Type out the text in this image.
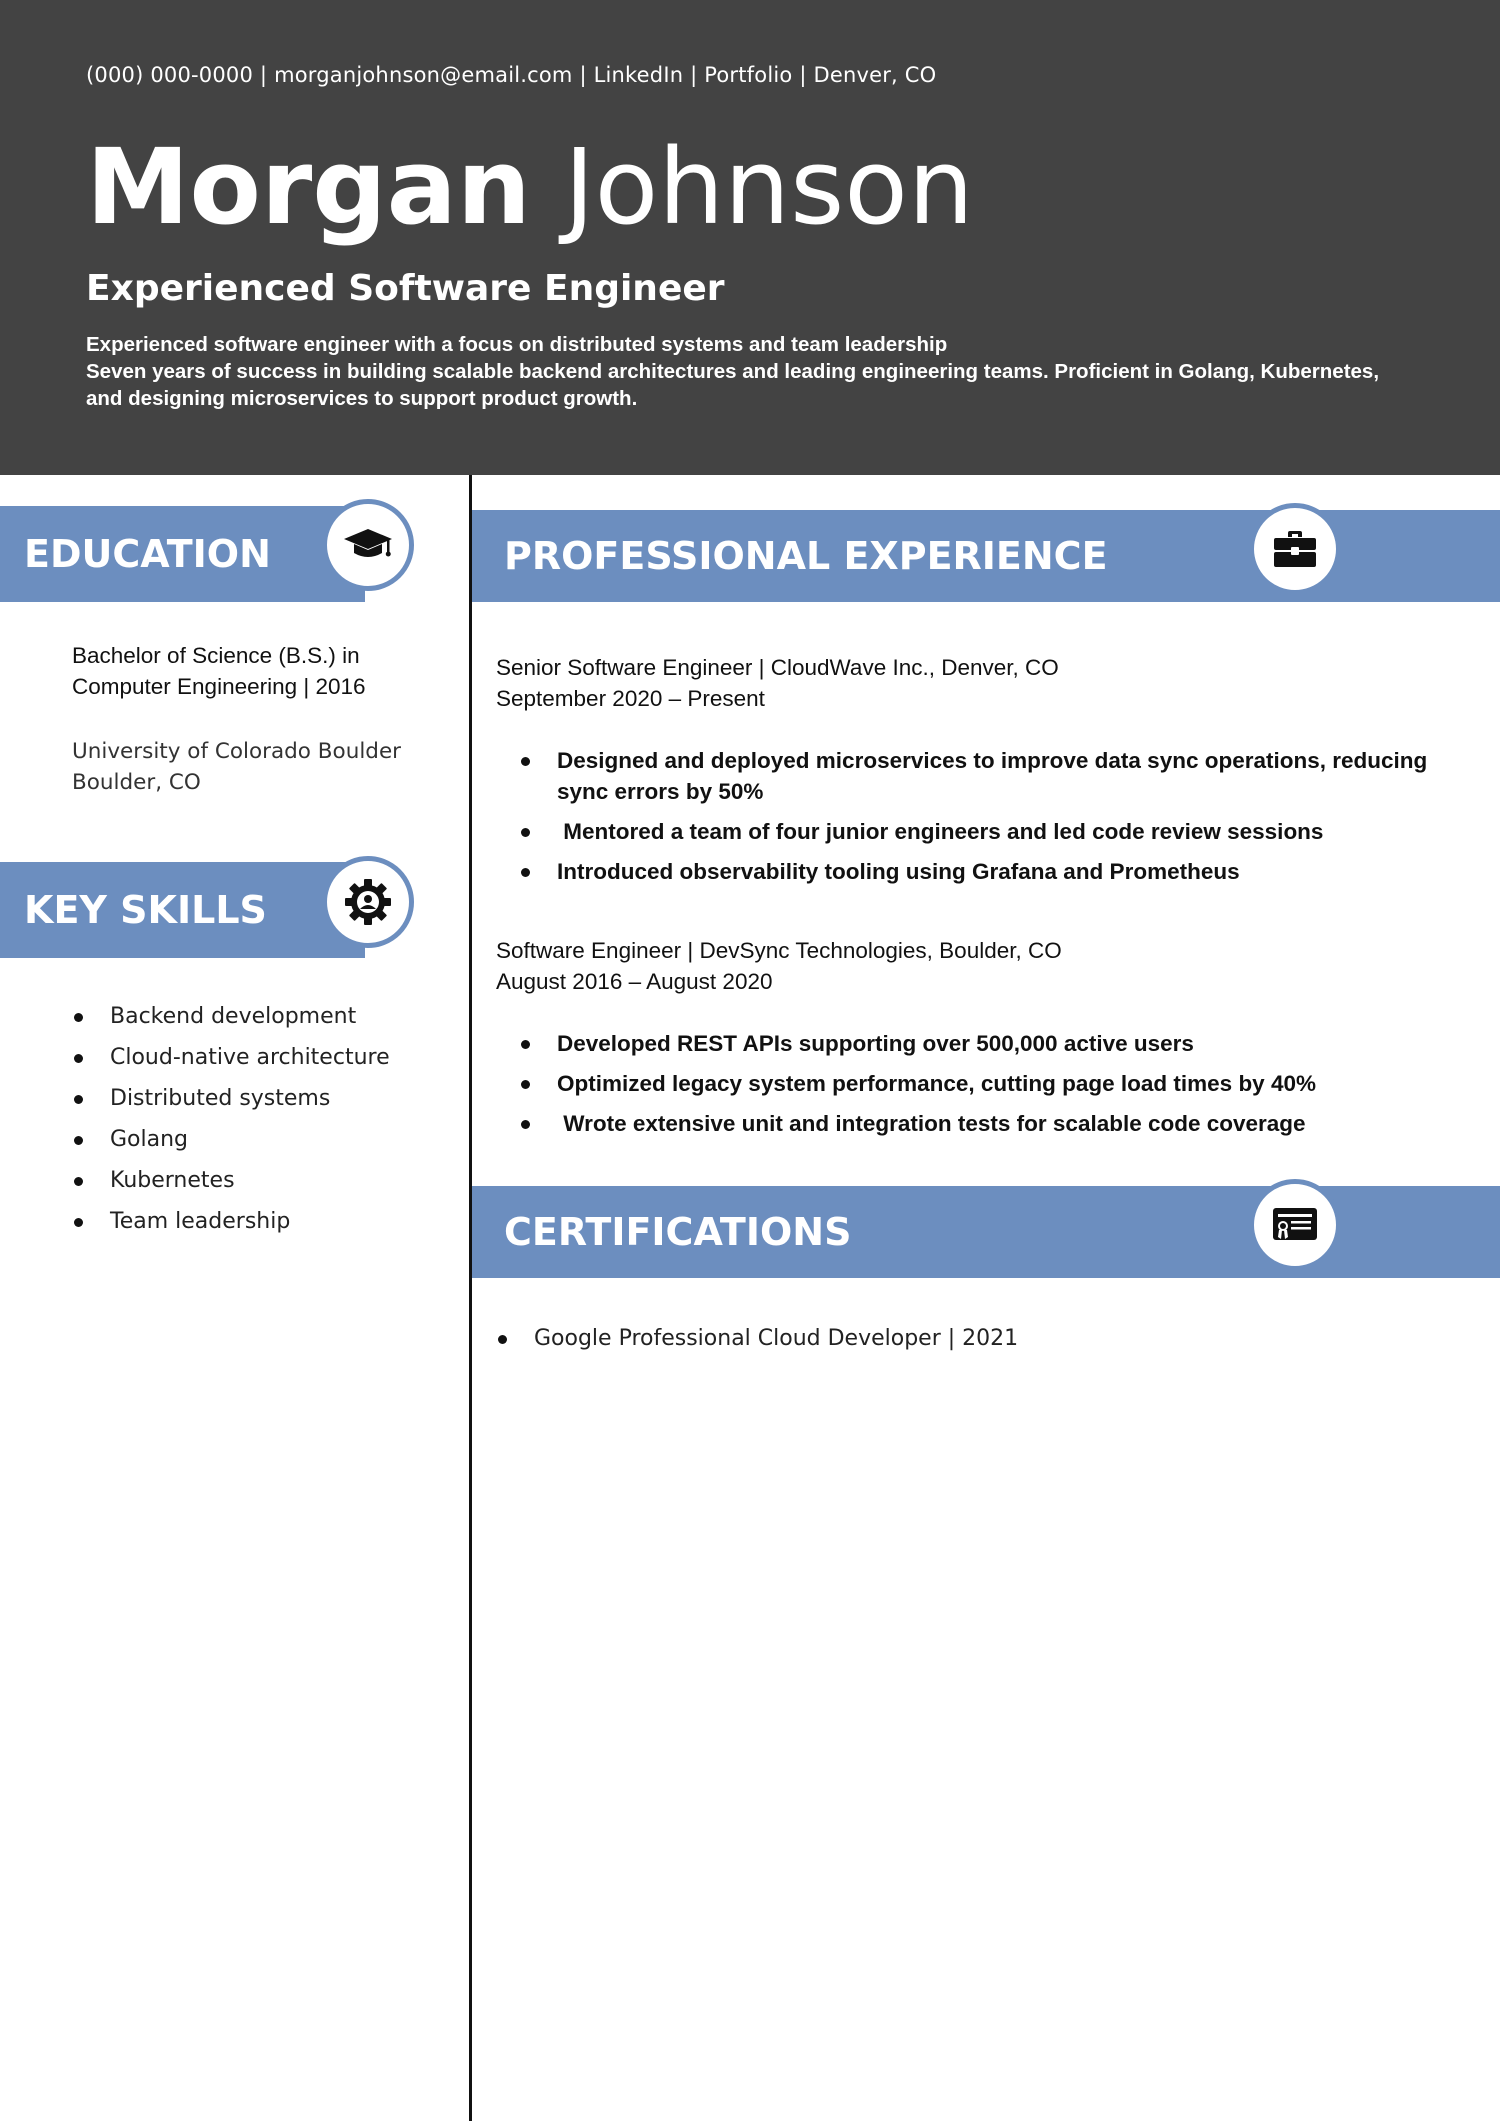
(000) 000-0000 | morganjohnson@email.com | LinkedIn | Portfolio | Denver, CO
Morgan Johnson
Experienced Software Engineer
Experienced software engineer with a focus on distributed systems and team leadership
Seven years of success in building scalable backend architectures and leading engineering teams. Proficient in Golang, Kubernetes, and designing microservices to support product growth.
EDUCATION
Bachelor of Science (B.S.) in
Computer Engineering | 2016
University of Colorado Boulder
Boulder, CO
KEY SKILLS
Backend development
Cloud-native architecture
Distributed systems
Golang
Kubernetes
Team leadership
PROFESSIONAL EXPERIENCE
Senior Software Engineer | CloudWave Inc., Denver, CO
September 2020 – Present
Designed and deployed microservices to improve data sync operations, reducing sync errors by 50%
Mentored a team of four junior engineers and led code review sessions
Introduced observability tooling using Grafana and Prometheus
Software Engineer | DevSync Technologies, Boulder, CO
August 2016 – August 2020
Developed REST APIs supporting over 500,000 active users
Optimized legacy system performance, cutting page load times by 40%
Wrote extensive unit and integration tests for scalable code coverage
CERTIFICATIONS
Google Professional Cloud Developer | 2021
